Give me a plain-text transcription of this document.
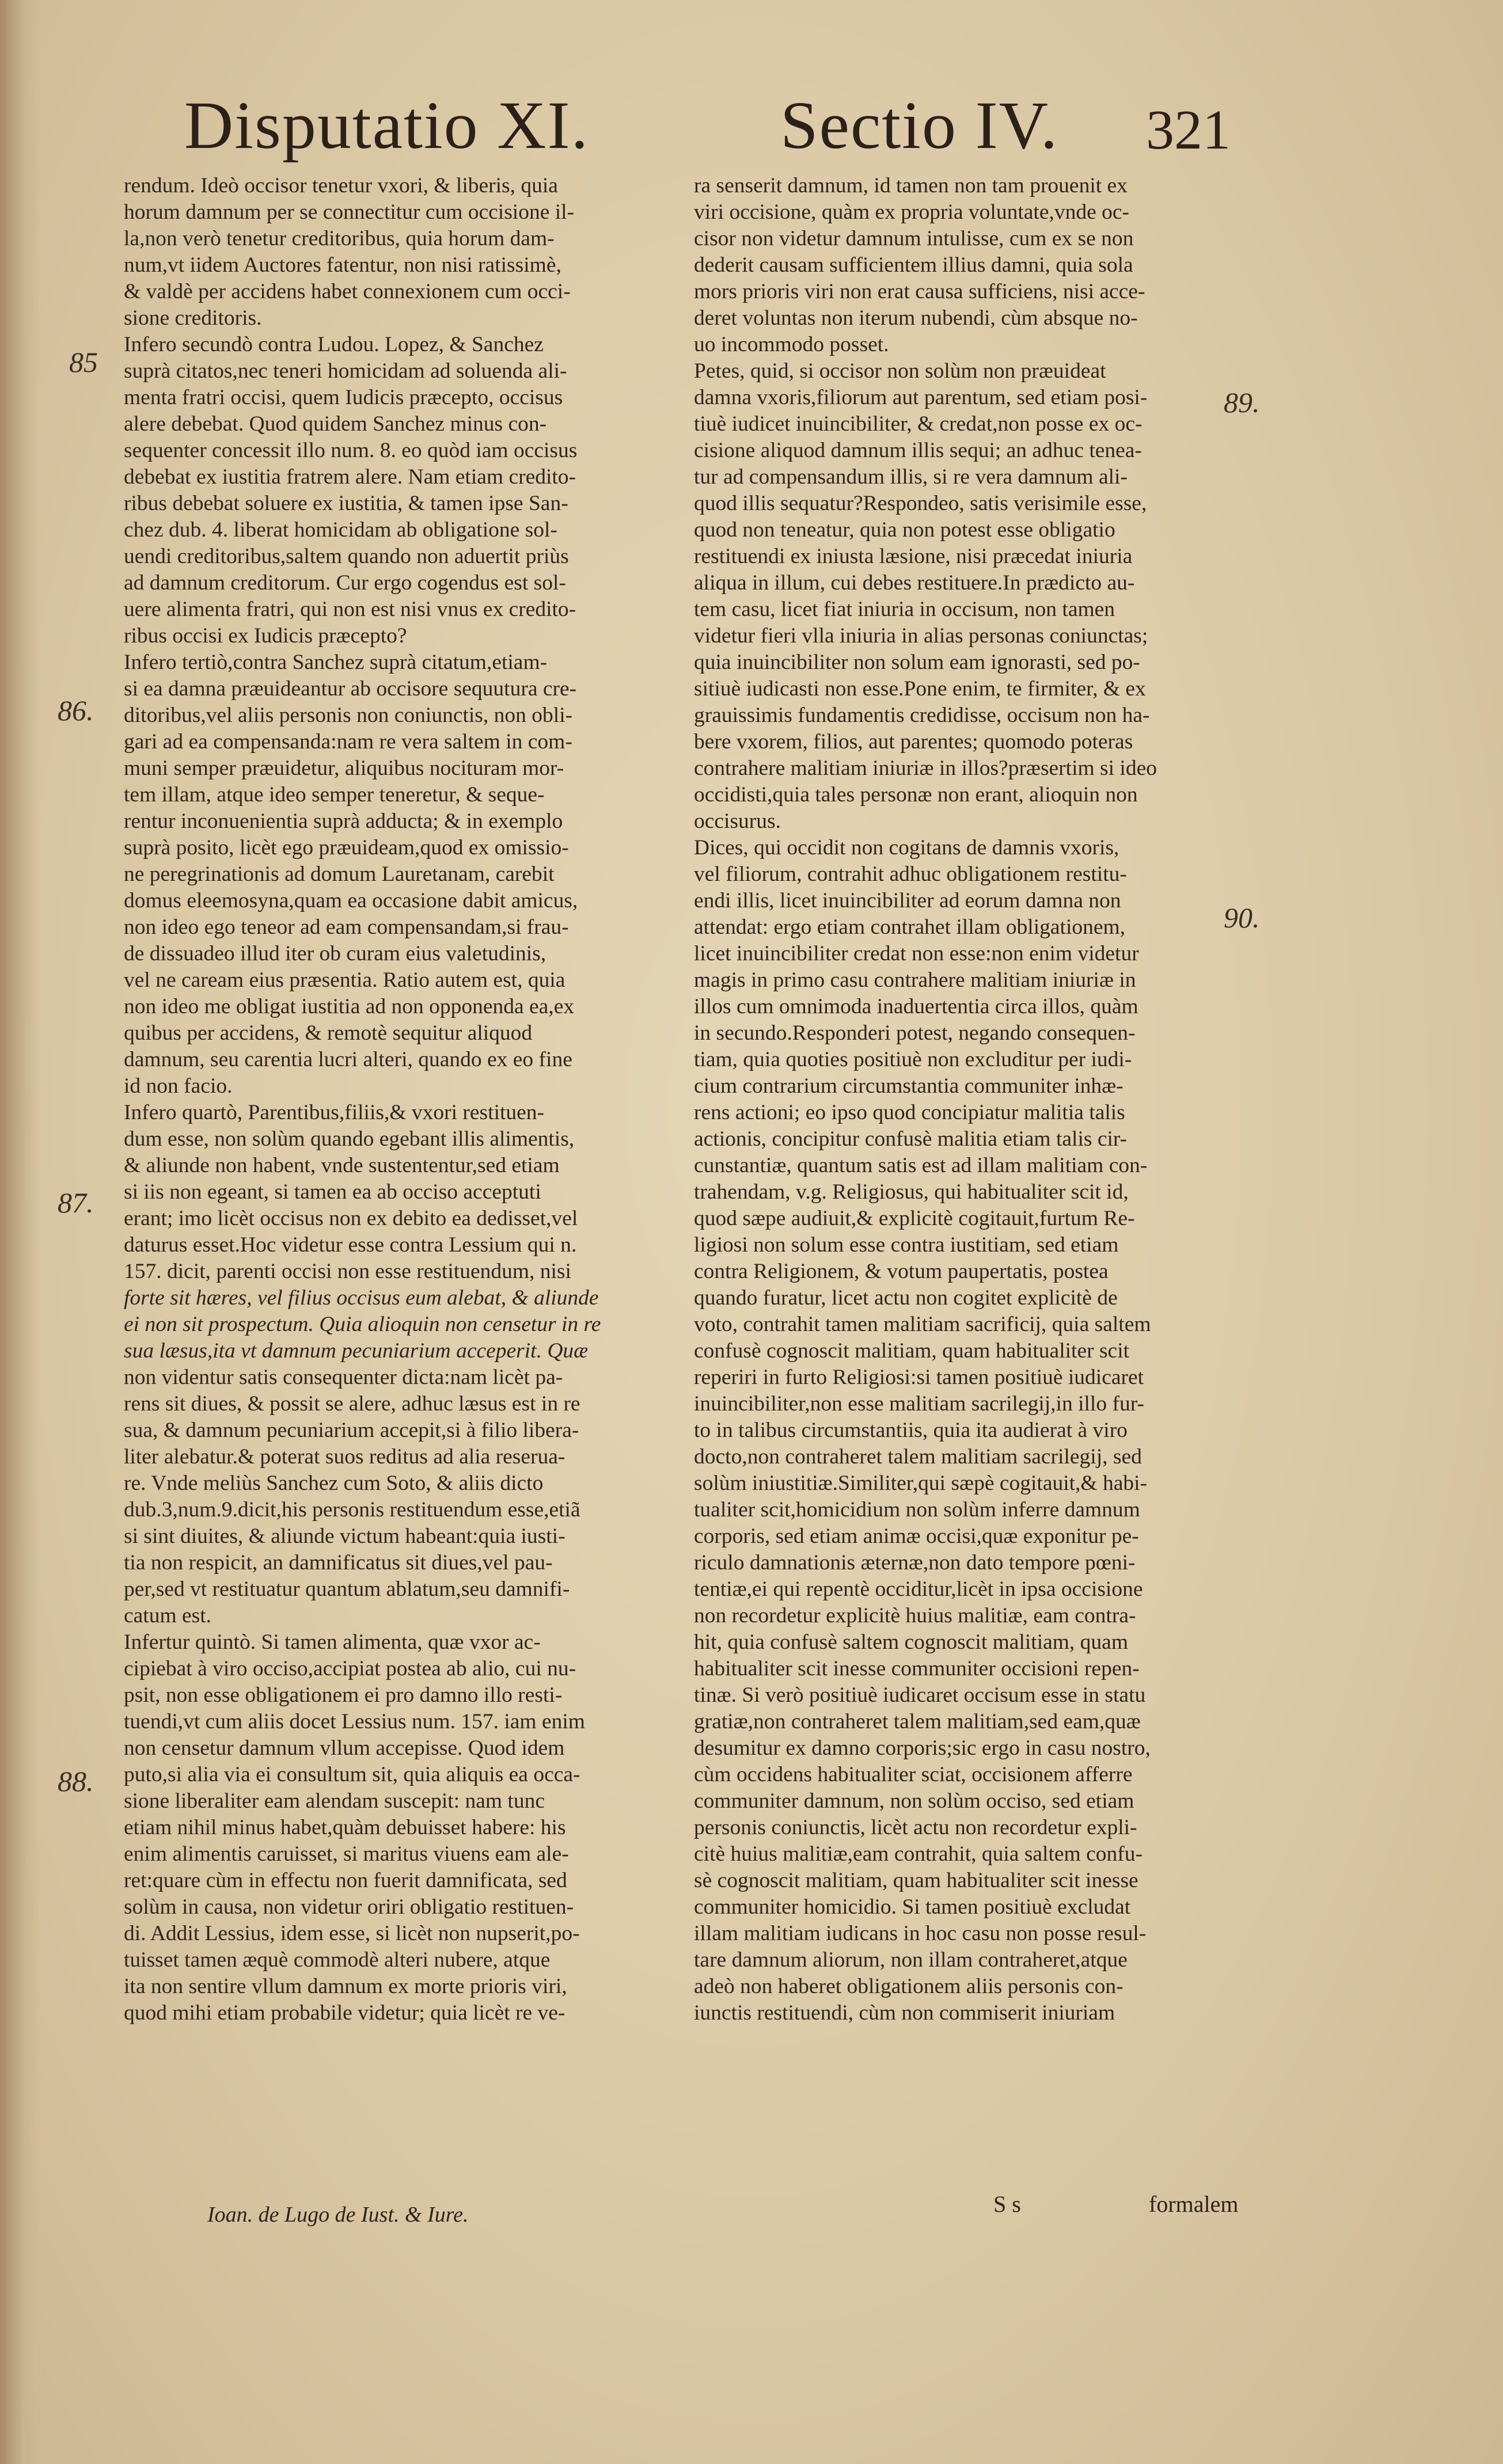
Disputatio XI.	Sectio IV. 321
rendum. Ideò occisor tenetur vxori, & liberis, quia
horum damnum per se connectitur cum occisione il-
la,non verò tenetur creditoribus, quia horum dam-
num,vt iidem Auctores fatentur, non nisi ratissimè,
& valdè per accidens habet connexionem cum occi-
sione creditoris.
Infero secundò contra Ludou. Lopez, & Sanchez
suprà citatos,nec teneri homicidam ad soluenda ali-
menta fratri occisi, quem Iudicis præcepto, occisus
alere debebat. Quod quidem Sanchez minus con-
sequenter concessit illo num. 8. eo quòd iam occisus
debebat ex iustitia fratrem alere. Nam etiam credito-
ribus debebat soluere ex iustitia, & tamen ipse San-
chez dub. 4. liberat homicidam ab obligatione sol-
uendi creditoribus,saltem quando non aduertit priùs
ad damnum creditorum. Cur ergo cogendus est sol-
uere alimenta fratri, qui non est nisi vnus ex credito-
ribus occisi ex Iudicis præcepto?
Infero tertiò,contra Sanchez suprà citatum,etiam-
si ea damna præuideantur ab occisore sequutura cre-
ditoribus,vel aliis personis non coniunctis, non obli-
gari ad ea compensanda:nam re vera saltem in com-
muni semper præuidetur, aliquibus nocituram mor-
tem illam, atque ideo semper teneretur, & seque-
rentur inconuenientia suprà adducta; & in exemplo
suprà posito, licèt ego præuideam,quod ex omissio-
ne peregrinationis ad domum Lauretanam, carebit
domus eleemosyna,quam ea occasione dabit amicus,
non ideo ego teneor ad eam compensandam,si frau-
de dissuadeo illud iter ob curam eius valetudinis,
vel ne caream eius præsentia. Ratio autem est, quia
non ideo me obligat iustitia ad non opponenda ea,ex
quibus per accidens, & remotè sequitur aliquod
damnum, seu carentia lucri alteri, quando ex eo fine
id non facio.
Infero quartò, Parentibus,filiis,& vxori restituen-
dum esse, non solùm quando egebant illis alimentis,
& aliunde non habent, vnde sustententur,sed etiam
si iis non egeant, si tamen ea ab occiso acceptuti
erant; imo licèt occisus non ex debito ea dedisset,vel
daturus esset.Hoc videtur esse contra Lessium qui n.
157. dicit, parenti occisi non esse restituendum, nisi
forte sit hæres, vel filius occisus eum alebat, & aliunde
ei non sit prospectum. Quia alioquin non censetur in re
sua læsus,ita vt damnum pecuniarium acceperit. Quæ
non videntur satis consequenter dicta:nam licèt pa-
rens sit diues, & possit se alere, adhuc læsus est in re
sua, & damnum pecuniarium accepit,si à filio libera-
liter alebatur.& poterat suos reditus ad alia reserua-
re. Vnde meliùs Sanchez cum Soto, & aliis dicto
dub.3,num.9.dicit,his personis restituendum esse,etiã
si sint diuites, & aliunde victum habeant:quia iusti-
tia non respicit, an damnificatus sit diues,vel pau-
per,sed vt restituatur quantum ablatum,seu damnifi-
catum est.
Infertur quintò. Si tamen alimenta, quæ vxor ac-
cipiebat à viro occiso,accipiat postea ab alio, cui nu-
psit, non esse obligationem ei pro damno illo resti-
tuendi,vt cum aliis docet Lessius num. 157. iam enim
non censetur damnum vllum accepisse. Quod idem
puto,si alia via ei consultum sit, quia aliquis ea occa-
sione liberaliter eam alendam suscepit: nam tunc
etiam nihil minus habet,quàm debuisset habere: his
enim alimentis caruisset, si maritus viuens eam ale-
ret:quare cùm in effectu non fuerit damnificata, sed
solùm in causa, non videtur oriri obligatio restituen-
di. Addit Lessius, idem esse, si licèt non nupserit,po-
tuisset tamen æquè commodè alteri nubere, atque
ita non sentire vllum damnum ex morte prioris viri,
quod mihi etiam probabile videtur; quia licèt re ve-
ra senserit damnum, id tamen non tam prouenit ex
viri occisione, quàm ex propria voluntate,vnde oc-
cisor non videtur damnum intulisse, cum ex se non
dederit causam sufficientem illius damni, quia sola
mors prioris viri non erat causa sufficiens, nisi acce-
deret voluntas non iterum nubendi, cùm absque no-
uo incommodo posset.
Petes, quid, si occisor non solùm non præuideat
damna vxoris,filiorum aut parentum, sed etiam posi-
tiuè iudicet inuincibiliter, & credat,non posse ex oc-
cisione aliquod damnum illis sequi; an adhuc tenea-
tur ad compensandum illis, si re vera damnum ali-
quod illis sequatur?Respondeo, satis verisimile esse,
quod non teneatur, quia non potest esse obligatio
restituendi ex iniusta læsione, nisi præcedat iniuria
aliqua in illum, cui debes restituere.In prædicto au-
tem casu, licet fiat iniuria in occisum, non tamen
videtur fieri vlla iniuria in alias personas coniunctas;
quia inuincibiliter non solum eam ignorasti, sed po-
sitiuè iudicasti non esse.Pone enim, te firmiter, & ex
grauissimis fundamentis credidisse, occisum non ha-
bere vxorem, filios, aut parentes; quomodo poteras
contrahere malitiam iniuriæ in illos?præsertim si ideo
occidisti,quia tales personæ non erant, alioquin non
occisurus.
Dices, qui occidit non cogitans de damnis vxoris,
vel filiorum, contrahit adhuc obligationem restitu-
endi illis, licet inuincibiliter ad eorum damna non
attendat: ergo etiam contrahet illam obligationem,
licet inuincibiliter credat non esse:non enim videtur
magis in primo casu contrahere malitiam iniuriæ in
illos cum omnimoda inaduertentia circa illos, quàm
in secundo.Responderi potest, negando consequen-
tiam, quia quoties positiuè non excluditur per iudi-
cium contrarium circumstantia communiter inhæ-
rens actioni; eo ipso quod concipiatur malitia talis
actionis, concipitur confusè malitia etiam talis cir-
cunstantiæ, quantum satis est ad illam malitiam con-
trahendam, v.g. Religiosus, qui habitualiter scit id,
quod sæpe audiuit,& explicitè cogitauit,furtum Re-
ligiosi non solum esse contra iustitiam, sed etiam
contra Religionem, & votum paupertatis, postea
quando furatur, licet actu non cogitet explicitè de
voto, contrahit tamen malitiam sacrificij, quia saltem
confusè cognoscit malitiam, quam habitualiter scit
reperiri in furto Religiosi:si tamen positiuè iudicaret
inuincibiliter,non esse malitiam sacrilegij,in illo fur-
to in talibus circumstantiis, quia ita audierat à viro
docto,non contraheret talem malitiam sacrilegij, sed
solùm iniustitiæ.Similiter,qui sæpè cogitauit,& habi-
tualiter scit,homicidium non solùm inferre damnum
corporis, sed etiam animæ occisi,quæ exponitur pe-
riculo damnationis æternæ,non dato tempore pœni-
tentiæ,ei qui repentè occiditur,licèt in ipsa occisione
non recordetur explicitè huius malitiæ, eam contra-
hit, quia confusè saltem cognoscit malitiam, quam
habitualiter scit inesse communiter occisioni repen-
tinæ. Si verò positiuè iudicaret occisum esse in statu
gratiæ,non contraheret talem malitiam,sed eam,quæ
desumitur ex damno corporis;sic ergo in casu nostro,
cùm occidens habitualiter sciat, occisionem afferre
communiter damnum, non solùm occiso, sed etiam
personis coniunctis, licèt actu non recordetur expli-
citè huius malitiæ,eam contrahit, quia saltem confu-
sè cognoscit malitiam, quam habitualiter scit inesse
communiter homicidio. Si tamen positiuè excludat
illam malitiam iudicans in hoc casu non posse resul-
tare damnum aliorum, non illam contraheret,atque
adeò non haberet obligationem aliis personis con-
iunctis restituendi, cùm non commiserit iniuriam
85
86.
87.
88.
89.
90.
Ioan. de Lugo de Iust. & Iure.	S s	formalem
